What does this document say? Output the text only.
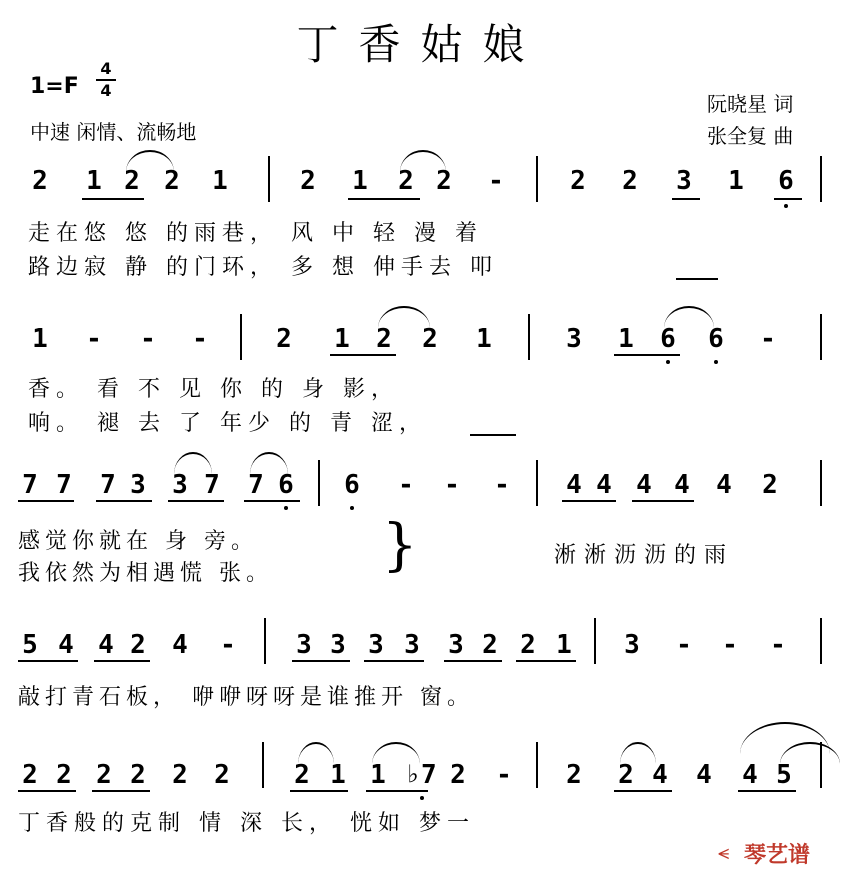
丁香姑娘
1=F
4
4
中速 闲情、流畅地
阮晓星 词
张全复 曲
2 1 2 2 1	2 1 2 2 -	2 2 3 1 6
走在悠 悠 的雨巷， 风 中 轻 漫 着
路边寂 静 的门环， 多 想 伸手去 叩
1 - - -	2 1 2 2 1	3 1 6 6 -
香。 看 不 见 你 的 身 影，
响。 褪 去 了 年少 的 青 涩，
7 7 7 3 3 7 7 6 6 - - - 4 4 4 4 4 2
感觉你就在 身 旁。
我依然为相遇慌 张。 }	淅淅沥沥的雨
5 4 4 2 4 - 3 3 3 3 3 2 2 1 3 - - -
敲打青石板， 咿咿呀呀是谁推开 窗。
2 2 2 2 2 2 2 1 1 ♭7 2 - 2 2 4 4 4 5
丁香般的克制 情 深 长， 恍如 梦一
⪪ 琴艺谱
